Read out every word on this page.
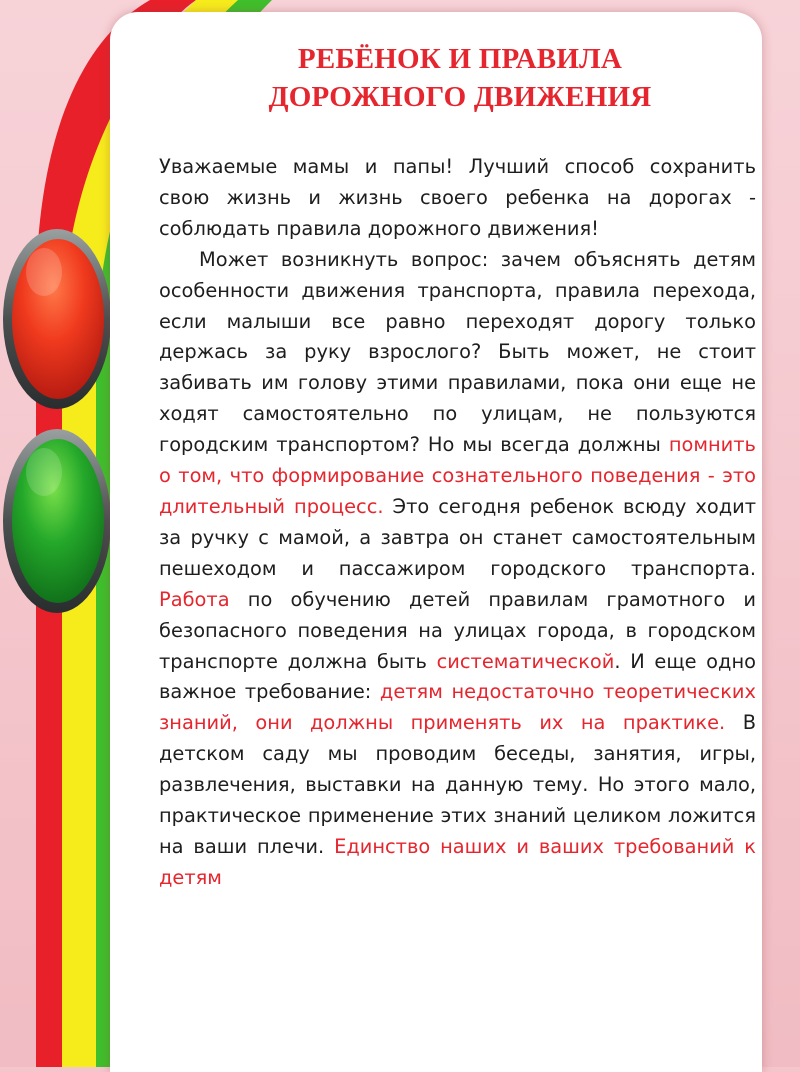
РЕБЁНОК И ПРАВИЛА
ДОРОЖНОГО ДВИЖЕНИЯ

Уважаемые мамы и папы! Лучший способ сохранить свою жизнь и жизнь своего ребенка на дорогах - соблюдать правила дорожного движения!

Может возникнуть вопрос: зачем объяснять детям особенности движения транспорта, правила перехода, если малыши все равно переходят дорогу только держась за руку взрослого? Быть может, не стоит забивать им голову этими правилами, пока они еще не ходят самостоятельно по улицам, не пользуются городским транспортом? Но мы всегда должны помнить о том, что формирование сознательного поведения - это длительный процесс. Это сегодня ребенок всюду ходит за ручку с мамой, а завтра он станет самостоятельным пешеходом и пассажиром городского транспорта. Работа по обучению детей правилам грамотного и безопасного поведения на улицах города, в городском транспорте должна быть систематической. И еще одно важное требование: детям недостаточно теоретических знаний, они должны применять их на практике. В детском саду мы проводим беседы, занятия, игры, развлечения, выставки на данную тему. Но этого мало, практическое применение этих знаний целиком ложится на ваши плечи. Единство наших и ваших требований к детям
